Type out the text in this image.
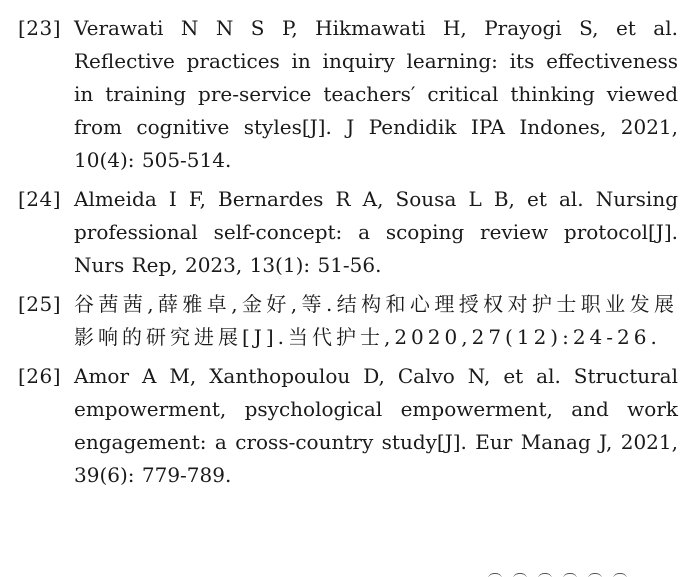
[23] Verawati N N S P, Hikmawati H, Prayogi S, et al. Reflective practices in inquiry learning: its effectiveness in training pre-service teachers′ critical thinking viewed from cognitive styles[J]. J Pendidik IPA Indones, 2021, 10(4): 505-514.
[24] Almeida I F, Bernardes R A, Sousa L B, et al. Nursing professional self-concept: a scoping review protocol[J]. Nurs Rep, 2023, 13(1): 51-56.
[25] 谷茜茜,薛雅卓,金好,等.结构和心理授权对护士职业发展影响的研究进展[J].当代护士,2020,27(12):24-26.
[26] Amor A M, Xanthopoulou D, Calvo N, et al. Structural empowerment, psychological empowerment, and work engagement: a cross-country study[J]. Eur Manag J, 2021, 39(6): 779-789.
